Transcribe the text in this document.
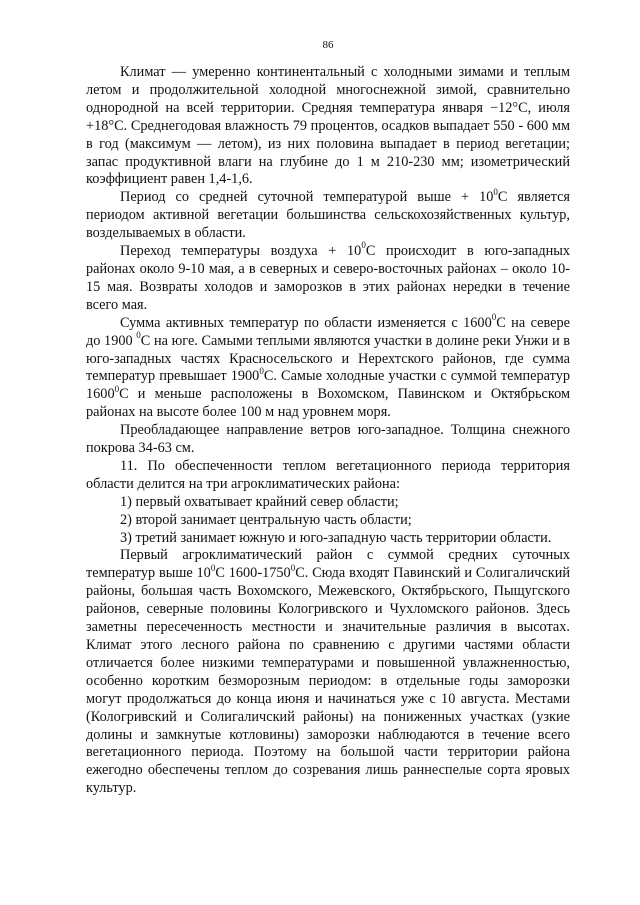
86

Климат — умеренно континентальный с холодными зимами и теплым летом и продолжительной холодной многоснежной зимой, сравнительно однородной на всей территории. Средняя температура января −12°С, июля +18°С. Среднегодовая влажность 79 процентов, осадков выпадает 550 - 600 мм в год (максимум — летом), из них половина выпадает в период вегетации; запас продуктивной влаги на глубине до 1 м 210-230 мм; изометрический коэффициент равен 1,4-1,6.

Период со средней суточной температурой выше + $10^0С$ является периодом активной вегетации большинства сельскохозяйственных культур, возделываемых в области.

Переход температуры воздуха + $10^0С$ происходит в юго-западных районах около 9-10 мая, а в северных и северо-восточных районах – около 10-15 мая. Возвраты холодов и заморозков в этих районах нередки в течение всего мая.

Сумма активных температур по области изменяется с 1600$^0$С на севере до 1900 $^0$С на юге. Самыми теплыми являются участки в долине реки Унжи и в юго-западных частях Красносельского и Нерехтского районов, где сумма температур превышает 1900$^0$С. Самые холодные участки с суммой температур 1600$^0$С и меньше расположены в Вохомском, Павинском и Октябрьском районах на высоте более 100 м над уровнем моря.

Преобладающее направление ветров юго-западное. Толщина снежного покрова 34-63 см.

11. По обеспеченности теплом вегетационного периода территория области делится на три агроклиматических района:

1) первый охватывает крайний север области;

2) второй занимает центральную часть области;

3) третий занимает южную и юго-западную часть территории области.

Первый агроклиматический район с суммой средних суточных температур выше $10^0С$ 1600-1750$^0$С. Сюда входят Павинский и Солигаличский районы, большая часть Вохомского, Межевского, Октябрьского, Пыщугского районов, северные половины Кологривского и Чухломского районов. Здесь заметны пересеченность местности и значительные различия в высотах. Климат этого лесного района по сравнению с другими частями области отличается более низкими температурами и повышенной увлажненностью, особенно коротким безморозным периодом: в отдельные годы заморозки могут продолжаться до конца июня и начинаться уже с 10 августа. Местами (Кологривский и Солигаличский районы) на пониженных участках (узкие долины и замкнутые котловины) заморозки наблюдаются в течение всего вегетационного периода. Поэтому на большой части территории района ежегодно обеспечены теплом до созревания лишь раннеспелые сорта яровых культур.
